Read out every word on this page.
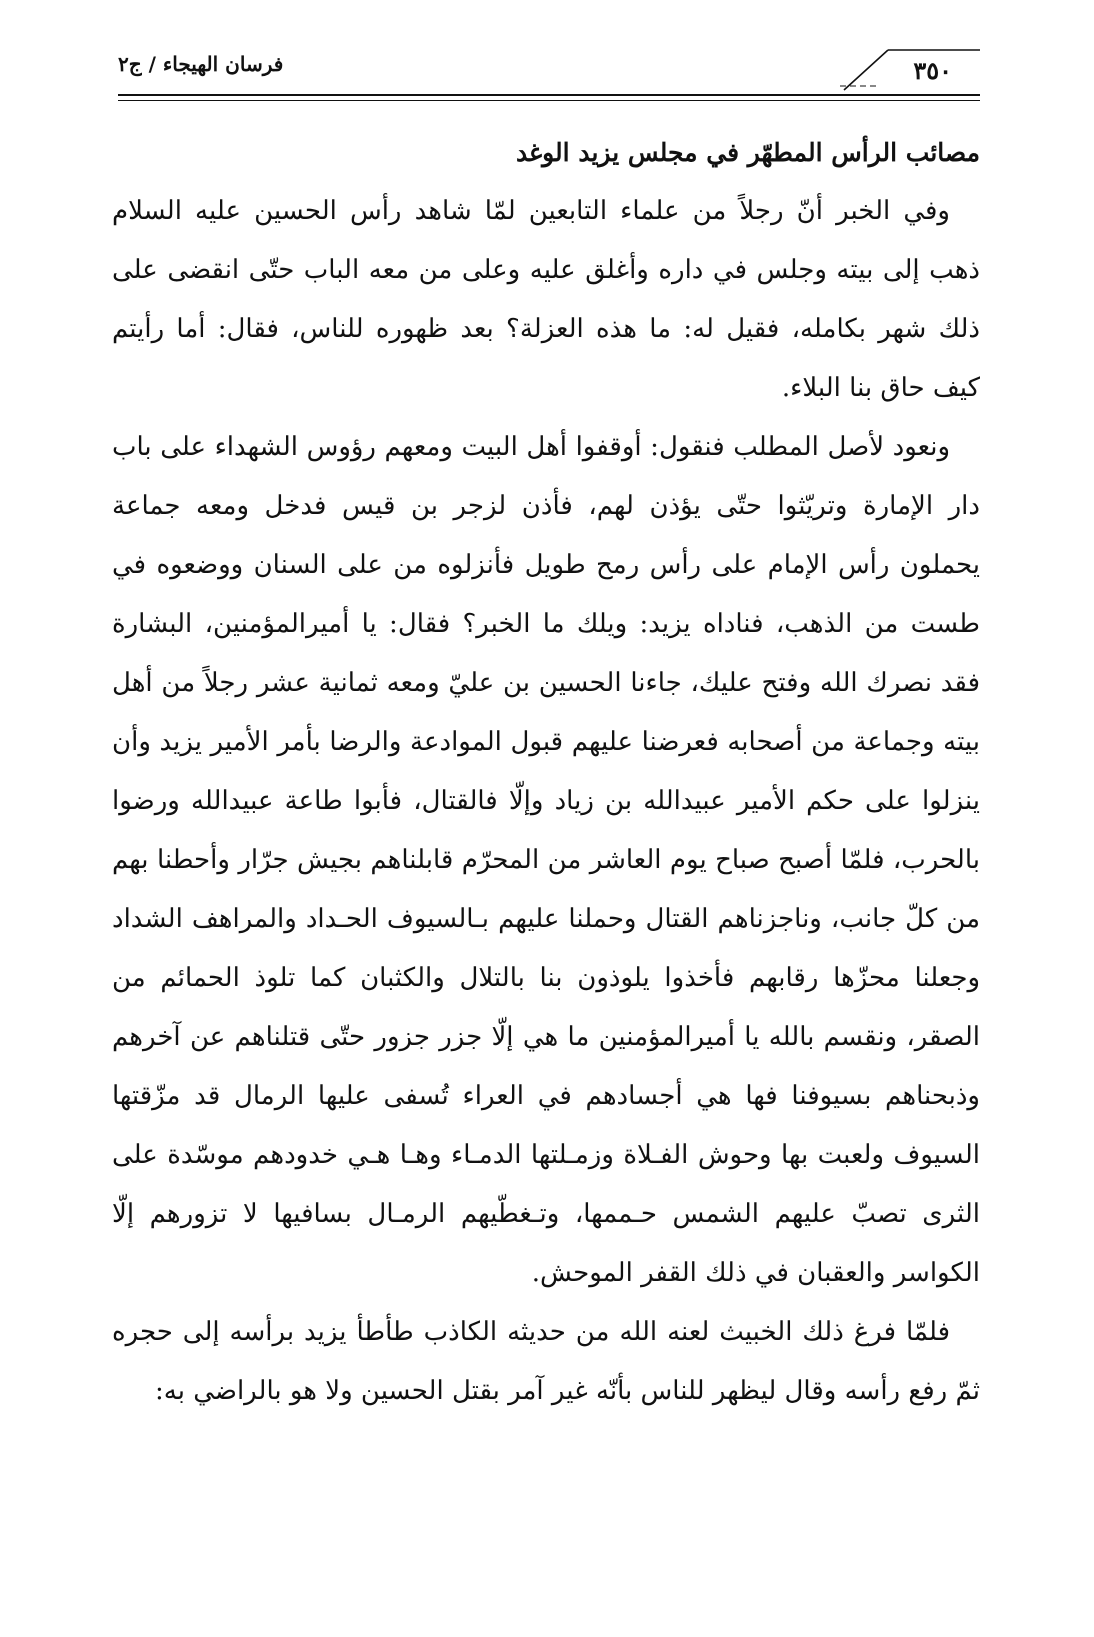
فرسان الهيجاء / ج٢	٣٥٠
مصائب الرأس المطهّر في مجلس يزيد الوغد

وفي الخبر أنّ رجلاً من علماء التابعين لمّا شاهد رأس الحسين عليه السلام ذهب إلى بيته وجلس في داره وأغلق عليه وعلى من معه الباب حتّى انقضى على ذلك شهر بكامله، فقيل له: ما هذه العزلة؟ بعد ظهوره للناس، فقال: أما رأيتم كيف حاق بنا البلاء.

ونعود لأصل المطلب فنقول: أوقفوا أهل البيت ومعهم رؤوس الشهداء على باب دار الإمارة وتريّثوا حتّى يؤذن لهم، فأذن لزجر بن قيس فدخل ومعه جماعة يحملون رأس الإمام على رأس رمح طويل فأنزلوه من على السنان ووضعوه في طست من الذهب، فناداه يزيد: ويلك ما الخبر؟ فقال: يا أميرالمؤمنين، البشارة فقد نصرك الله وفتح عليك، جاءنا الحسين بن عليّ ومعه ثمانية عشر رجلاً من أهل بيته وجماعة من أصحابه فعرضنا عليهم قبول الموادعة والرضا بأمر الأمير يزيد وأن ينزلوا على حكم الأمير عبيدالله بن زياد وإلّا فالقتال، فأبوا طاعة عبيدالله ورضوا بالحرب، فلمّا أصبح صباح يوم العاشر من المحرّم قابلناهم بجيش جرّار وأحطنا بهم من كلّ جانب، وناجزناهم القتال وحملنا عليهم بـالسيوف الحـداد والمراهف الشداد وجعلنا محزّها رقابهم فأخذوا يلوذون بنا بالتلال والكثبان كما تلوذ الحمائم من الصقر، ونقسم بالله يا أميرالمؤمنين ما هي إلّا جزر جزور حتّى قتلناهم عن آخرهم وذبحناهم بسيوفنا فها هي أجسادهم في العراء تُسفى عليها الرمال قد مزّقتها السيوف ولعبت بها وحوش الفـلاة وزمـلتها الدمـاء وهـا هـي خدودهم موسّدة على الثرى تصبّ عليهم الشمس حـممها، وتـغطّيهم الرمـال بسافيها لا تزورهم إلّا الكواسر والعقبان في ذلك القفر الموحش.

فلمّا فرغ ذلك الخبيث لعنه الله من حديثه الكاذب طأطأ يزيد برأسه إلى حجره ثمّ رفع رأسه وقال ليظهر للناس بأنّه غير آمر بقتل الحسين ولا هو بالراضي به:
